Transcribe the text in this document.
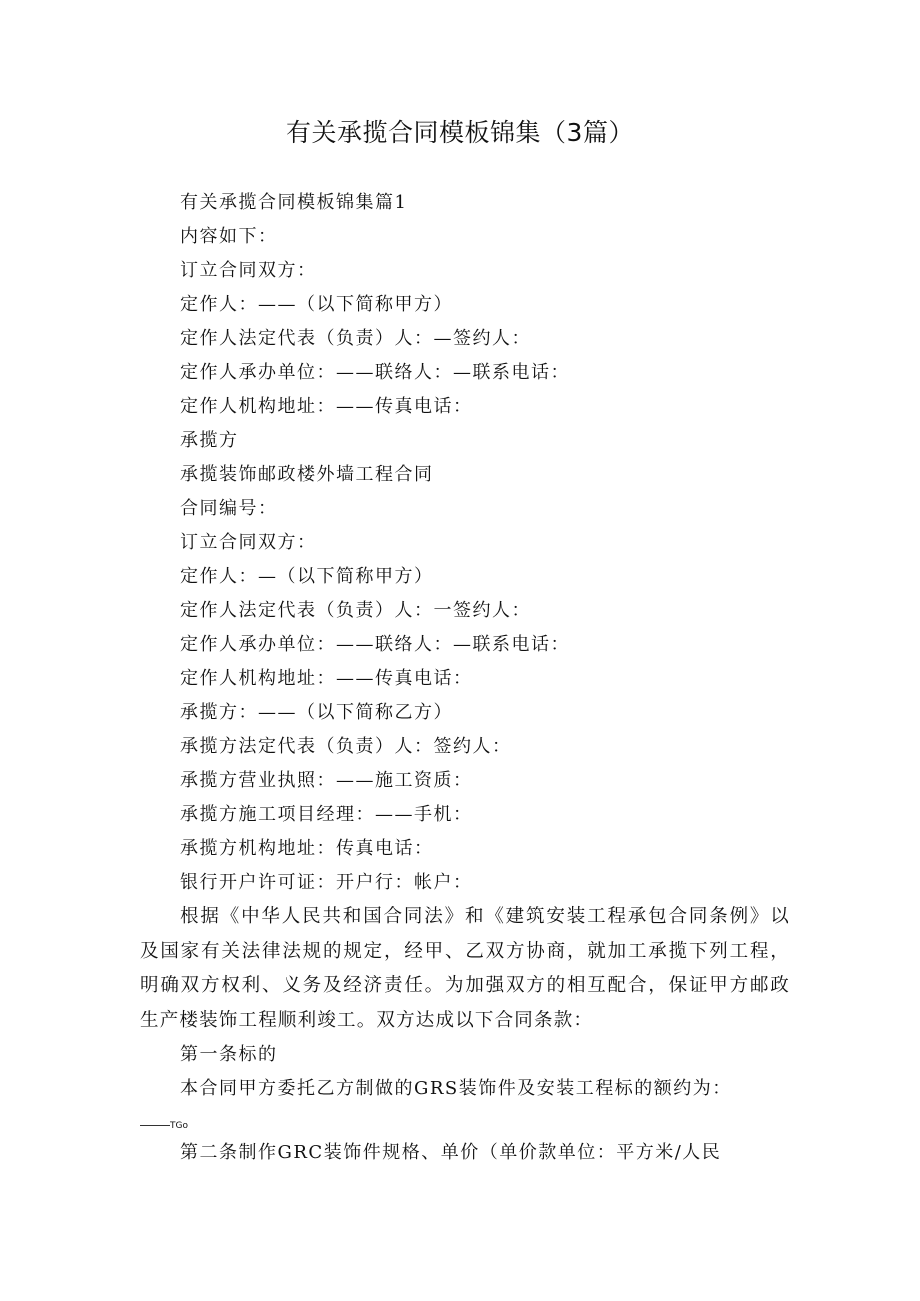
有关承揽合同模板锦集（3篇）
有关承揽合同模板锦集篇1
内容如下：
订立合同双方：
定作人：——（以下简称甲方）
定作人法定代表（负责）人：—签约人：
定作人承办单位：——联络人：—联系电话：
定作人机构地址：——传真电话：
承揽方
承揽装饰邮政楼外墙工程合同
合同编号：
订立合同双方：
定作人：—（以下简称甲方）
定作人法定代表（负责）人：一签约人：
定作人承办单位：——联络人：—联系电话：
定作人机构地址：——传真电话：
承揽方：——（以下简称乙方）
承揽方法定代表（负责）人：签约人：
承揽方营业执照：——施工资质：
承揽方施工项目经理：——手机：
承揽方机构地址：传真电话：
银行开户许可证：开户行：帐户：

根据《中华人民共和国合同法》和《建筑安装工程承包合同条例》以及国家有关法律法规的规定，经甲、乙双方协商，就加工承揽下列工程，明确双方权利、义务及经济责任。为加强双方的相互配合，保证甲方邮政生产楼装饰工程顺利竣工。双方达成以下合同条款：

第一条标的
本合同甲方委托乙方制做的GRS装饰件及安装工程标的额约为：
TGo
第二条制作GRC装饰件规格、单价（单价款单位：平方米/人民
